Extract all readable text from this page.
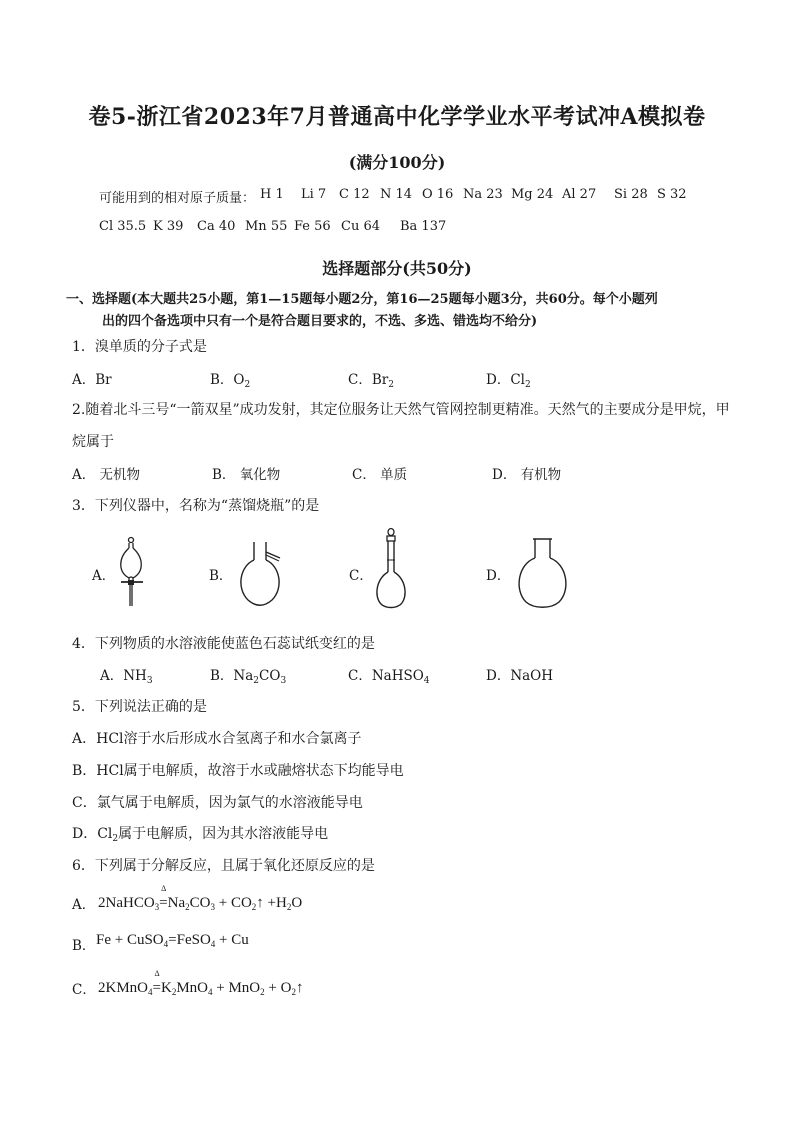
卷5-浙江省2023年7月普通高中化学学业水平考试冲A模拟卷
(满分100分)
可能用到的相对原子质量： H 1 Li 7 C 12 N 14 O 16 Na 23 Mg 24 Al 27 Si 28 S 32
Cl 35.5 K 39 Ca 40 Mn 55 Fe 56 Cu 64 Ba 137
选择题部分(共50分)
一、选择题(本大题共25小题，第1—15题每小题2分，第16—25题每小题3分，共60分。每个小题列
出的四个备选项中只有一个是符合题目要求的，不选、多选、错选均不给分)
1．溴单质的分子式是
A．Br	B．$O_2$	C．$Br_2$	D．$Cl_2$
2.随着北斗三号“一箭双星”成功发射，其定位服务让天然气管网控制更精准。天然气的主要成分是甲烷，甲
烷属于
A． 无机物	B． 氧化物	C． 单质	D． 有机物
3．下列仪器中，名称为“蒸馏烧瓶”的是
A．	B．	C．	D．
4．下列物质的水溶液能使蓝色石蕊试纸变红的是
A．$NH_3$	B．$Na_2CO_3$	C．NaHSO$_4$	D．NaOH
5．下列说法正确的是
A．HCl溶于水后形成水合氢离子和水合氯离子
B．HCl属于电解质，故溶于水或融熔状态下均能导电
C．氯气属于电解质，因为氯气的水溶液能导电
D．$Cl_2$属于电解质，因为其水溶液能导电
6．下列属于分解反应，且属于氧化还原反应的是
A． 2NaHCO$_3$
Δ
$=Na_2CO_3$ + $CO_2↑ +H_2O$
B． Fe + CuSO$_4$=FeSO$_4$ + Cu
C． 2KMnO$_4$
Δ
$=K_2MnO_4 + MnO_2$ + $O_2↑$
